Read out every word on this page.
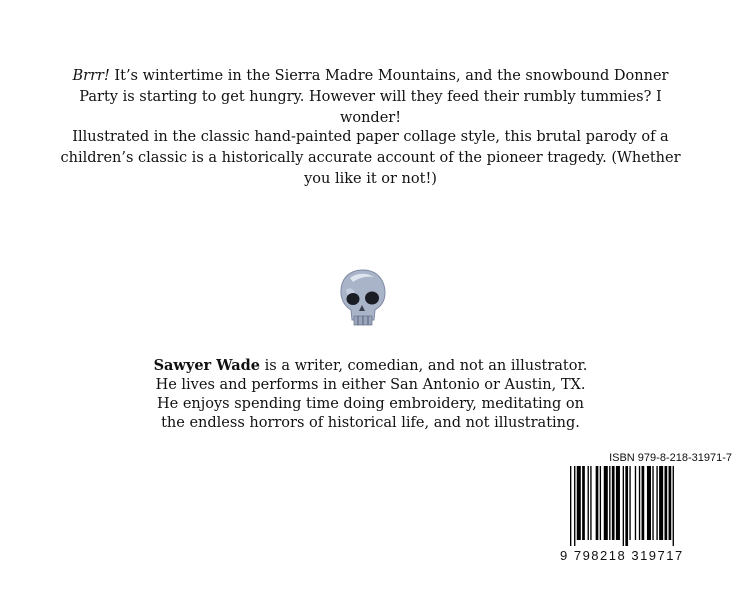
Brrr! It’s wintertime in the Sierra Madre Mountains, and the snowbound Donner Party is starting to get hungry. However will they feed their rumbly tummies? I wonder!
Illustrated in the classic hand-painted paper collage style, this brutal parody of a children’s classic is a historically accurate account of the pioneer tragedy. (Whether you like it or not!)
Sawyer Wade is a writer, comedian, and not an illustrator.
He lives and performs in either San Antonio or Austin, TX.
He enjoys spending time doing embroidery, meditating on
the endless horrors of historical life, and not illustrating.
ISBN 979-8-218-31971-7
9 798218 319717
